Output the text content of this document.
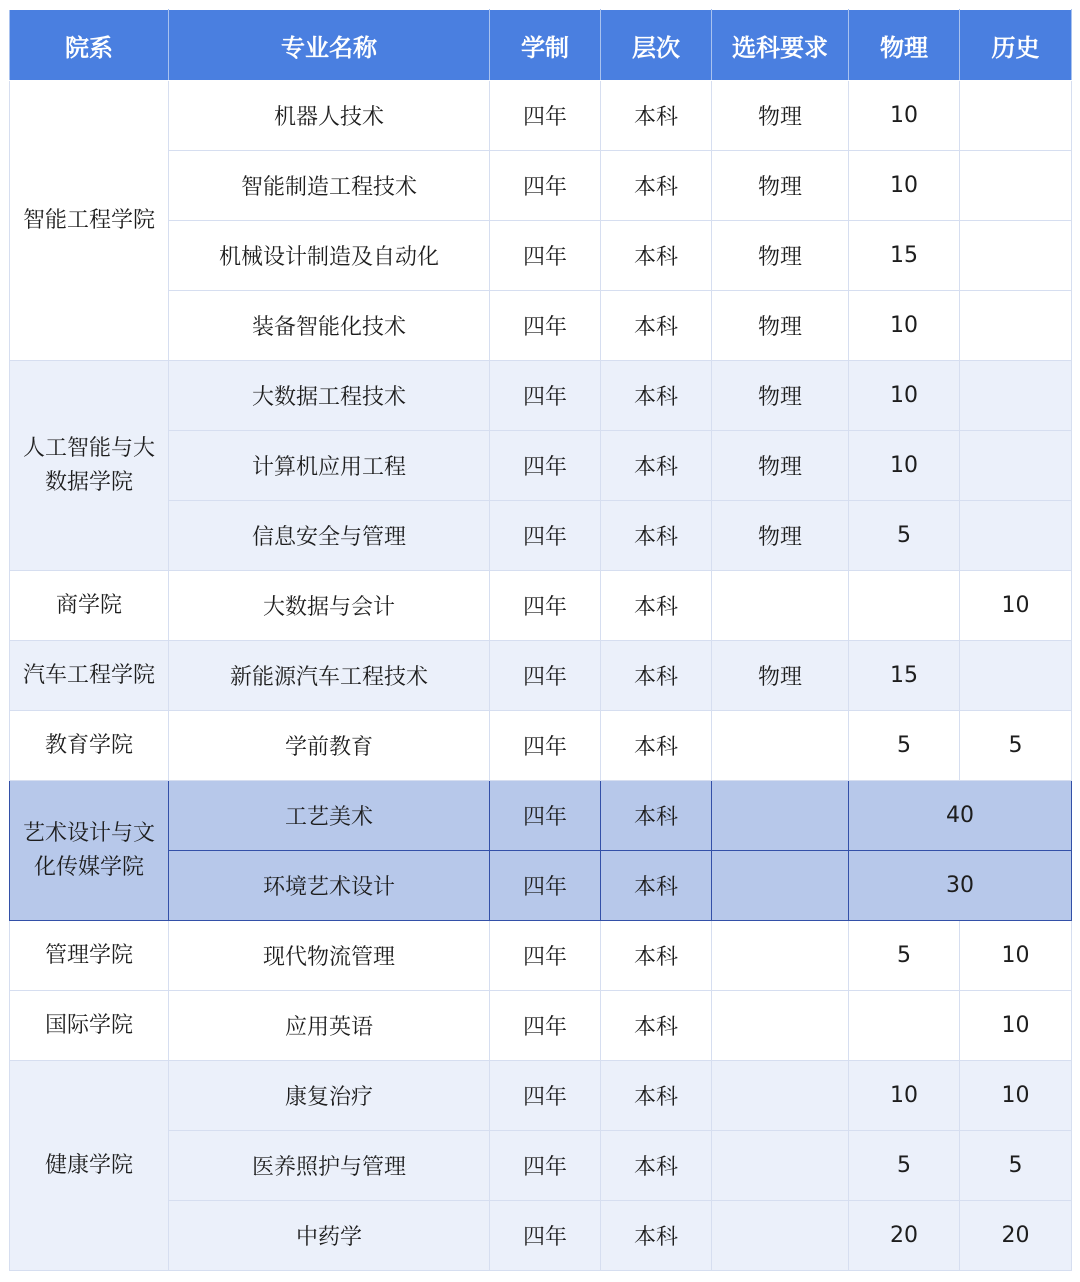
院系	专业名称	学制	层次	选科要求	物理	历史
智能工程学院	机器人技术	四年	本科	物理	10	
	智能制造工程技术	四年	本科	物理	10	
	机械设计制造及自动化	四年	本科	物理	15	
	装备智能化技术	四年	本科	物理	10	
人工智能与大数据学院	大数据工程技术	四年	本科	物理	10	
	计算机应用工程	四年	本科	物理	10	
	信息安全与管理	四年	本科	物理	5	
商学院	大数据与会计	四年	本科			10
汽车工程学院	新能源汽车工程技术	四年	本科	物理	15	
教育学院	学前教育	四年	本科		5	5
艺术设计与文化传媒学院	工艺美术	四年	本科		40	
	环境艺术设计	四年	本科		30	
管理学院	现代物流管理	四年	本科		5	10
国际学院	应用英语	四年	本科			10
健康学院	康复治疗	四年	本科		10	10
	医养照护与管理	四年	本科		5	5
	中药学	四年	本科		20	20
